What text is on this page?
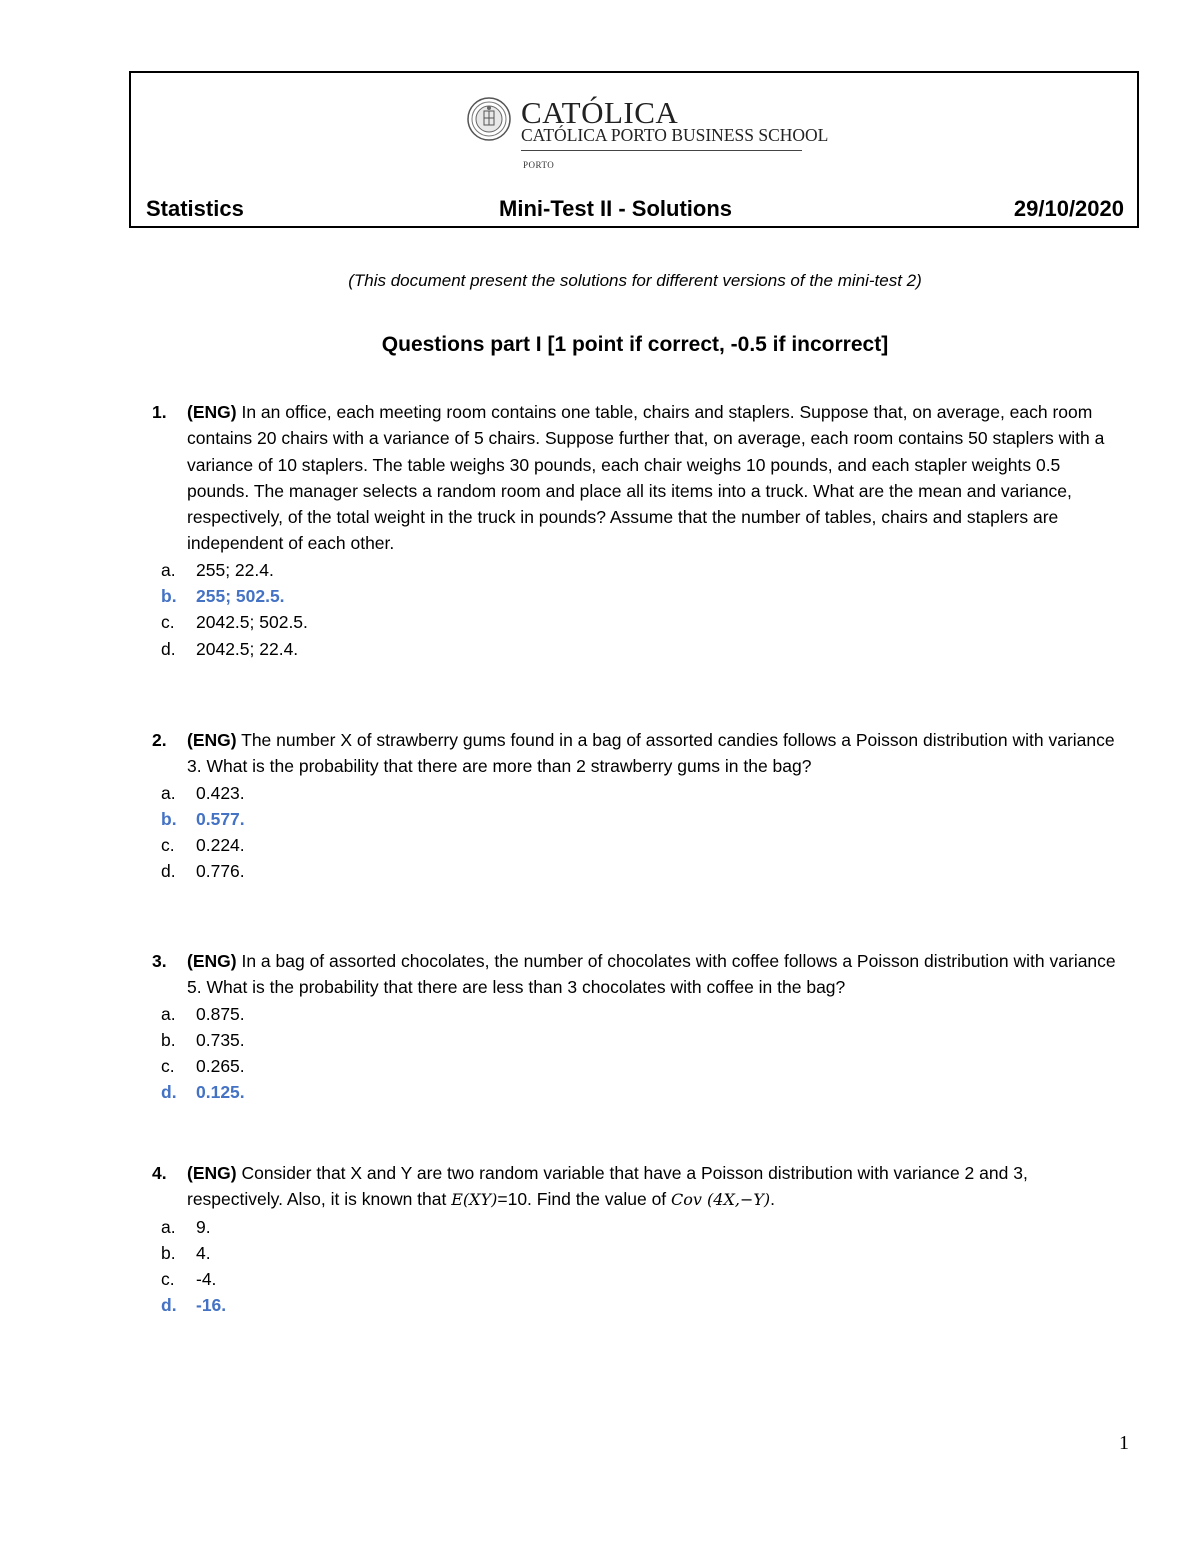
CATÓLICA
CATÓLICA PORTO BUSINESS SCHOOL
PORTO
Statistics	Mini-Test II - Solutions	29/10/2020
(This document present the solutions for different versions of the mini-test 2)
Questions part I [1 point if correct, -0.5 if incorrect]
1. (ENG) In an office, each meeting room contains one table, chairs and staplers. Suppose that, on average, each room contains 20 chairs with a variance of 5 chairs. Suppose further that, on average, each room contains 50 staplers with a variance of 10 staplers. The table weighs 30 pounds, each chair weighs 10 pounds, and each stapler weights 0.5 pounds. The manager selects a random room and place all its items into a truck. What are the mean and variance, respectively, of the total weight in the truck in pounds? Assume that the number of tables, chairs and staplers are independent of each other.
a. 255; 22.4.
b. 255; 502.5.
c. 2042.5; 502.5.
d. 2042.5; 22.4.
2. (ENG) The number X of strawberry gums found in a bag of assorted candies follows a Poisson distribution with variance 3. What is the probability that there are more than 2 strawberry gums in the bag?
a. 0.423.
b. 0.577.
c. 0.224.
d. 0.776.
3. (ENG) In a bag of assorted chocolates, the number of chocolates with coffee follows a Poisson distribution with variance 5. What is the probability that there are less than 3 chocolates with coffee in the bag?
a. 0.875.
b. 0.735.
c. 0.265.
d. 0.125.
4. (ENG) Consider that X and Y are two random variable that have a Poisson distribution with variance 2 and 3, respectively. Also, it is known that E(XY)=10. Find the value of Cov (4X,−Y).
a. 9.
b. 4.
c. -4.
d. -16.
1
